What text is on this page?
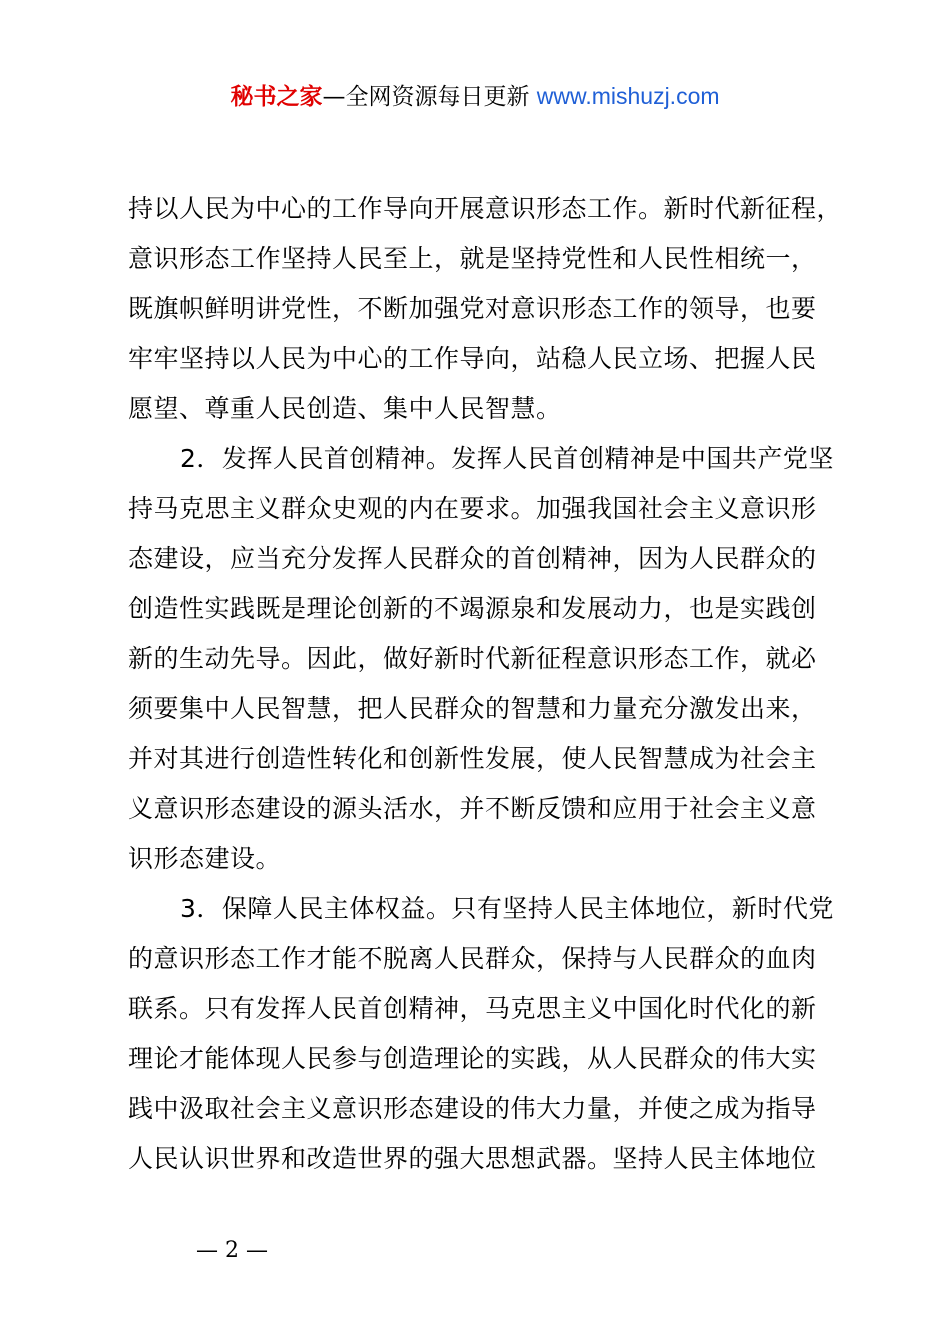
秘书之家—全网资源每日更新 www.mishuzj.com
持以人民为中心的工作导向开展意识形态工作。新时代新征程，
意识形态工作坚持人民至上，就是坚持党性和人民性相统一，
既旗帜鲜明讲党性，不断加强党对意识形态工作的领导，也要
牢牢坚持以人民为中心的工作导向，站稳人民立场、把握人民
愿望、尊重人民创造、集中人民智慧。
2．发挥人民首创精神。发挥人民首创精神是中国共产党坚
持马克思主义群众史观的内在要求。加强我国社会主义意识形
态建设，应当充分发挥人民群众的首创精神，因为人民群众的
创造性实践既是理论创新的不竭源泉和发展动力，也是实践创
新的生动先导。因此，做好新时代新征程意识形态工作，就必
须要集中人民智慧，把人民群众的智慧和力量充分激发出来，
并对其进行创造性转化和创新性发展，使人民智慧成为社会主
义意识形态建设的源头活水，并不断反馈和应用于社会主义意
识形态建设。
3．保障人民主体权益。只有坚持人民主体地位，新时代党
的意识形态工作才能不脱离人民群众，保持与人民群众的血肉
联系。只有发挥人民首创精神，马克思主义中国化时代化的新
理论才能体现人民参与创造理论的实践，从人民群众的伟大实
践中汲取社会主义意识形态建设的伟大力量，并使之成为指导
人民认识世界和改造世界的强大思想武器。坚持人民主体地位
— 2 —
